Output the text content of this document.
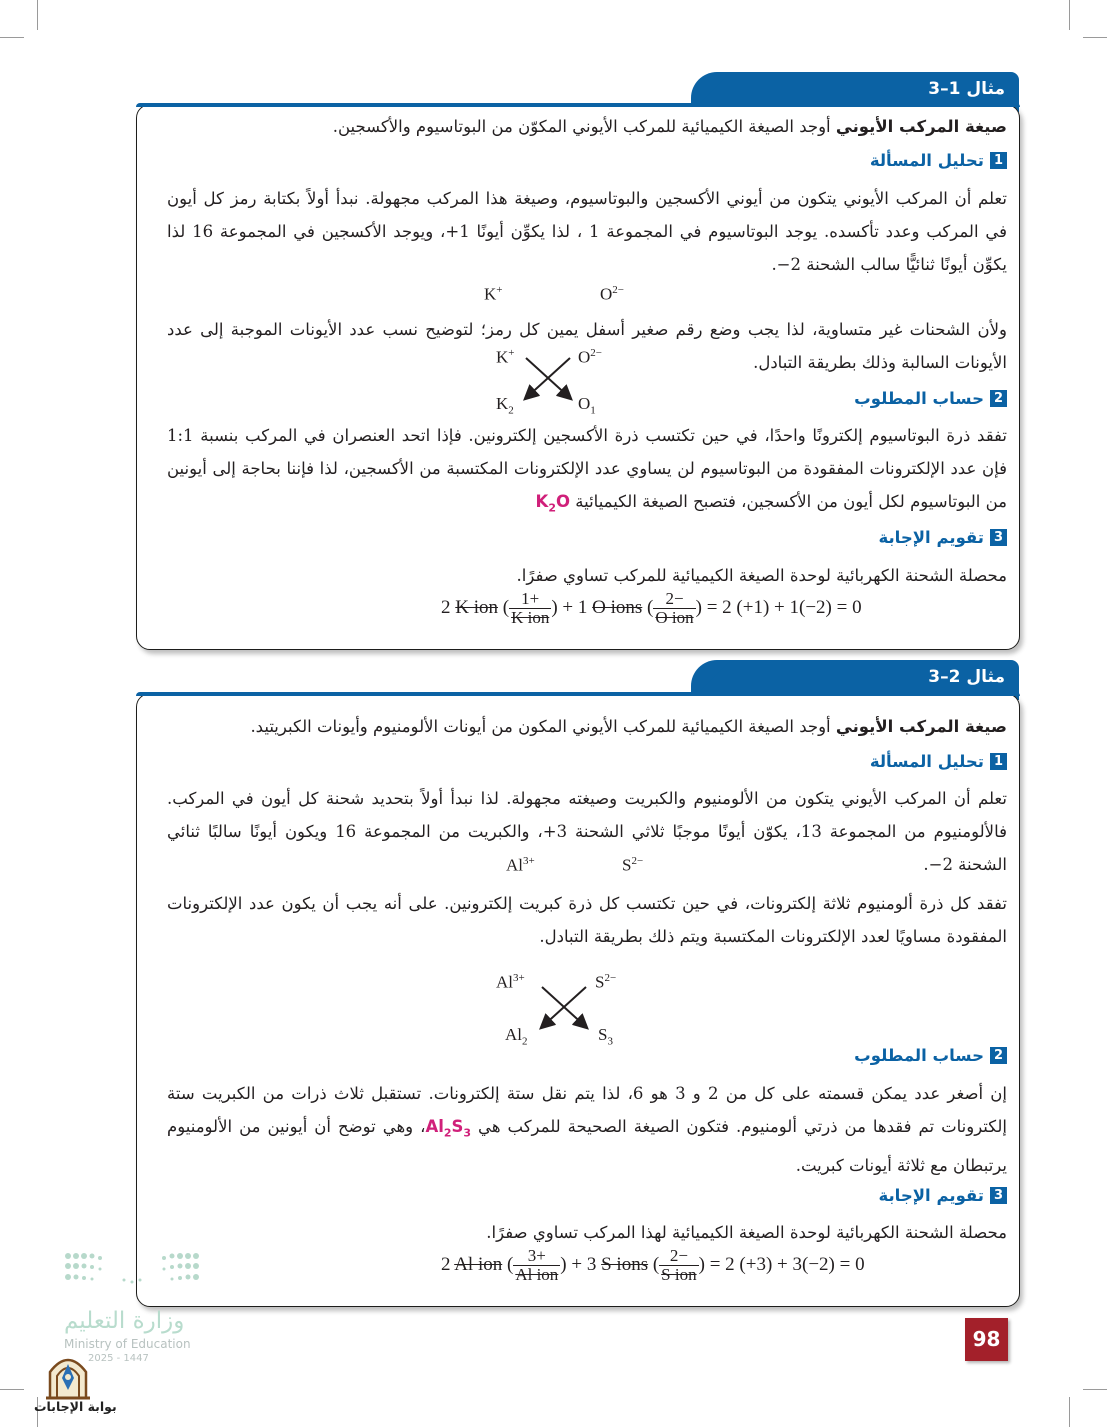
مثال 1–3
صيغة المركب الأيوني أوجد الصيغة الكيميائية للمركب الأيوني المكوّن من البوتاسيوم والأكسجين.
1
تحليل المسألة
تعلم أن المركب الأيوني يتكون من أيوني الأكسجين والبوتاسيوم، وصيغة هذا المركب مجهولة. نبدأ أولاً بكتابة رمز كل أيون في المركب وعدد تأكسده. يوجد البوتاسيوم في المجموعة 1 ، لذا يكوِّن أيونًا 1+، ويوجد الأكسجين في المجموعة 16 لذا يكوِّن أيونًا ثنائيًّا سالب الشحنة 2−.
K+	$O^{2-}$
ولأن الشحنات غير متساوية، لذا يجب وضع رقم صغير أسفل يمين كل رمز؛ لتوضيح نسب عدد الأيونات الموجبة إلى عدد الأيونات السالبة وذلك بطريقة التبادل.
K+	$O^{2-}$
$K_2$	$O_1$
2
حساب المطلوب
تفقد ذرة البوتاسيوم إلكترونًا واحدًا، في حين تكتسب ذرة الأكسجين إلكترونين. فإذا اتحد العنصران في المركب بنسبة 1:1 فإن عدد الإلكترونات المفقودة من البوتاسيوم لن يساوي عدد الإلكترونات المكتسبة من الأكسجين، لذا فإننا بحاجة إلى أيونين من البوتاسيوم لكل أيون من الأكسجين، فتصبح الصيغة الكيميائية $K_2O$
3
تقويم الإجابة
محصلة الشحنة الكهربائية لوحدة الصيغة الكيميائية للمركب تساوي صفرًا.
2 K ion ( $\frac{1+}{\text{K ion}}$ ) + 1 O ions ( $\frac{2-}{\text{O ion}}$ ) = 2 (+1) + 1(−2) = 0
مثال 2–3
صيغة المركب الأيوني أوجد الصيغة الكيميائية للمركب الأيوني المكون من أيونات الألومنيوم وأيونات الكبريتيد.
1
تحليل المسألة
تعلم أن المركب الأيوني يتكون من الألومنيوم والكبريت وصيغته مجهولة. لذا نبدأ أولاً بتحديد شحنة كل أيون في المركب. فالألومنيوم من المجموعة 13، يكوّن أيونًا موجبًا ثلاثي الشحنة 3+، والكبريت من المجموعة 16 ويكون أيونًا سالبًا ثنائي الشحنة 2−.
$Al^{3+}$	$S^{2-}$
تفقد كل ذرة ألومنيوم ثلاثة إلكترونات، في حين تكتسب كل ذرة كبريت إلكترونين. على أنه يجب أن يكون عدد الإلكترونات المفقودة مساويًا لعدد الإلكترونات المكتسبة ويتم ذلك بطريقة التبادل.
$Al^{3+}$	$S^{2-}$
$Al_2$	$S_3$
2
حساب المطلوب
إن أصغر عدد يمكن قسمته على كل من 2 و 3 هو 6، لذا يتم نقل ستة إلكترونات. تستقبل ثلاث ذرات من الكبريت ستة إلكترونات تم فقدها من ذرتي ألومنيوم. فتكون الصيغة الصحيحة للمركب هي $Al_2S_3،$ وهي توضح أن أيونين من الألومنيوم يرتبطان مع ثلاثة أيونات كبريت.
3
تقويم الإجابة
محصلة الشحنة الكهربائية لوحدة الصيغة الكيميائية لهذا المركب تساوي صفرًا.
2 Al ion ( $\frac{3+}{\text{Al ion}}$ ) + 3 S ions ( $\frac{2-}{\text{S ion}}$ ) = 2 (+3) + 3(−2) = 0
وزارة التعليم
Ministry of Education
2025 - 1447
بوابة الإجابات
98
